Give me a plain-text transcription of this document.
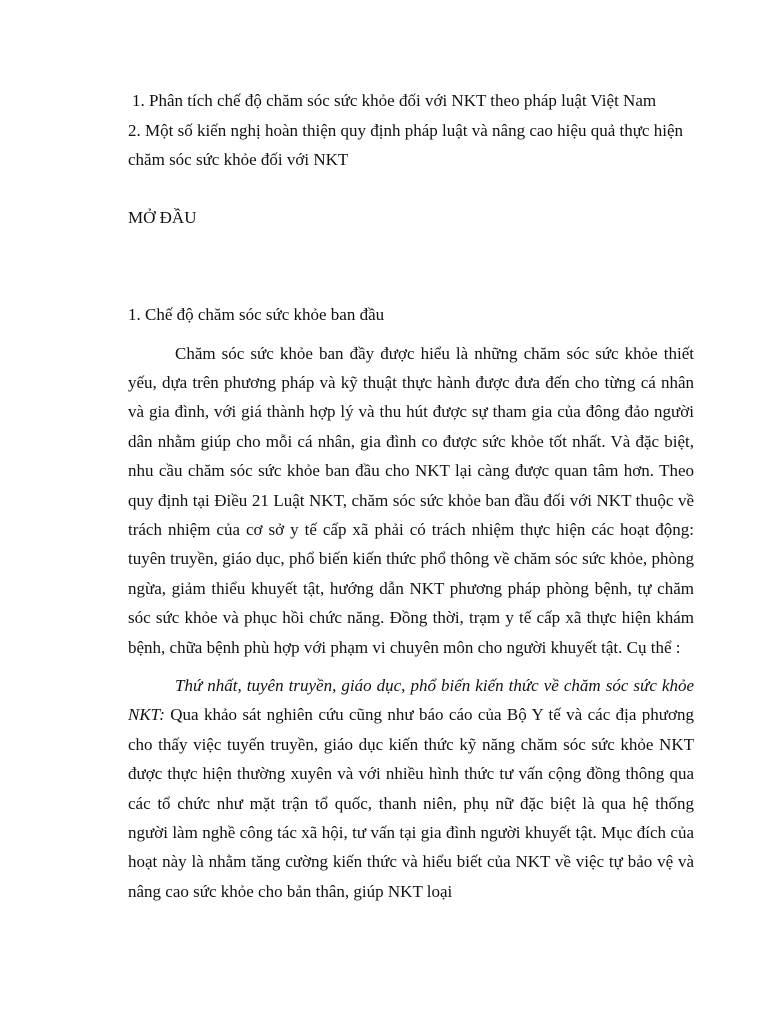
1. Phân tích chế độ chăm sóc sức khỏe đối với NKT theo pháp luật Việt Nam

2. Một số kiến nghị hoàn thiện quy định pháp luật và nâng cao hiệu quả thực hiện chăm sóc sức khỏe đối với NKT

MỞ ĐẦU

1. Chế độ chăm sóc sức khỏe ban đầu

Chăm sóc sức khỏe ban đầy được hiểu là những chăm sóc sức khỏe thiết yếu, dựa trên phương pháp và kỹ thuật thực hành được đưa đến cho từng cá nhân và gia đình, với giá thành hợp lý và thu hút được sự tham gia của đông đảo người dân nhằm giúp cho mỗi cá nhân, gia đình co được sức khỏe tốt nhất. Và đặc biệt, nhu cầu chăm sóc sức khỏe ban đầu cho NKT lại càng được quan tâm hơn. Theo quy định tại Điều 21 Luật NKT, chăm sóc sức khỏe ban đầu đối với NKT thuộc về trách nhiệm của cơ sở y tế cấp xã phải có trách nhiệm thực hiện các hoạt động: tuyên truyền, giáo dục, phổ biến kiến thức phổ thông về chăm sóc sức khỏe, phòng ngừa, giảm thiểu khuyết tật, hướng dẫn NKT phương pháp phòng bệnh, tự chăm sóc sức khỏe và phục hồi chức năng. Đồng thời, trạm y tế cấp xã thực hiện khám bệnh, chữa bệnh phù hợp với phạm vi chuyên môn cho người khuyết tật. Cụ thể :

Thứ nhất, tuyên truyền, giáo dục, phổ biến kiến thức về chăm sóc sức khỏe NKT: Qua khảo sát nghiên cứu cũng như báo cáo của Bộ Y tế và các địa phương cho thấy việc tuyến truyền, giáo dục kiến thức kỹ năng chăm sóc sức khỏe NKT được thực hiện thường xuyên và với nhiều hình thức tư vấn cộng đồng thông qua các tổ chức như mặt trận tổ quốc, thanh niên, phụ nữ đặc biệt là qua hệ thống người làm nghề công tác xã hội, tư vấn tại gia đình người khuyết tật. Mục đích của hoạt này là nhằm tăng cường kiến thức và hiểu biết của NKT về việc tự bảo vệ và nâng cao sức khỏe cho bản thân, giúp NKT loại
